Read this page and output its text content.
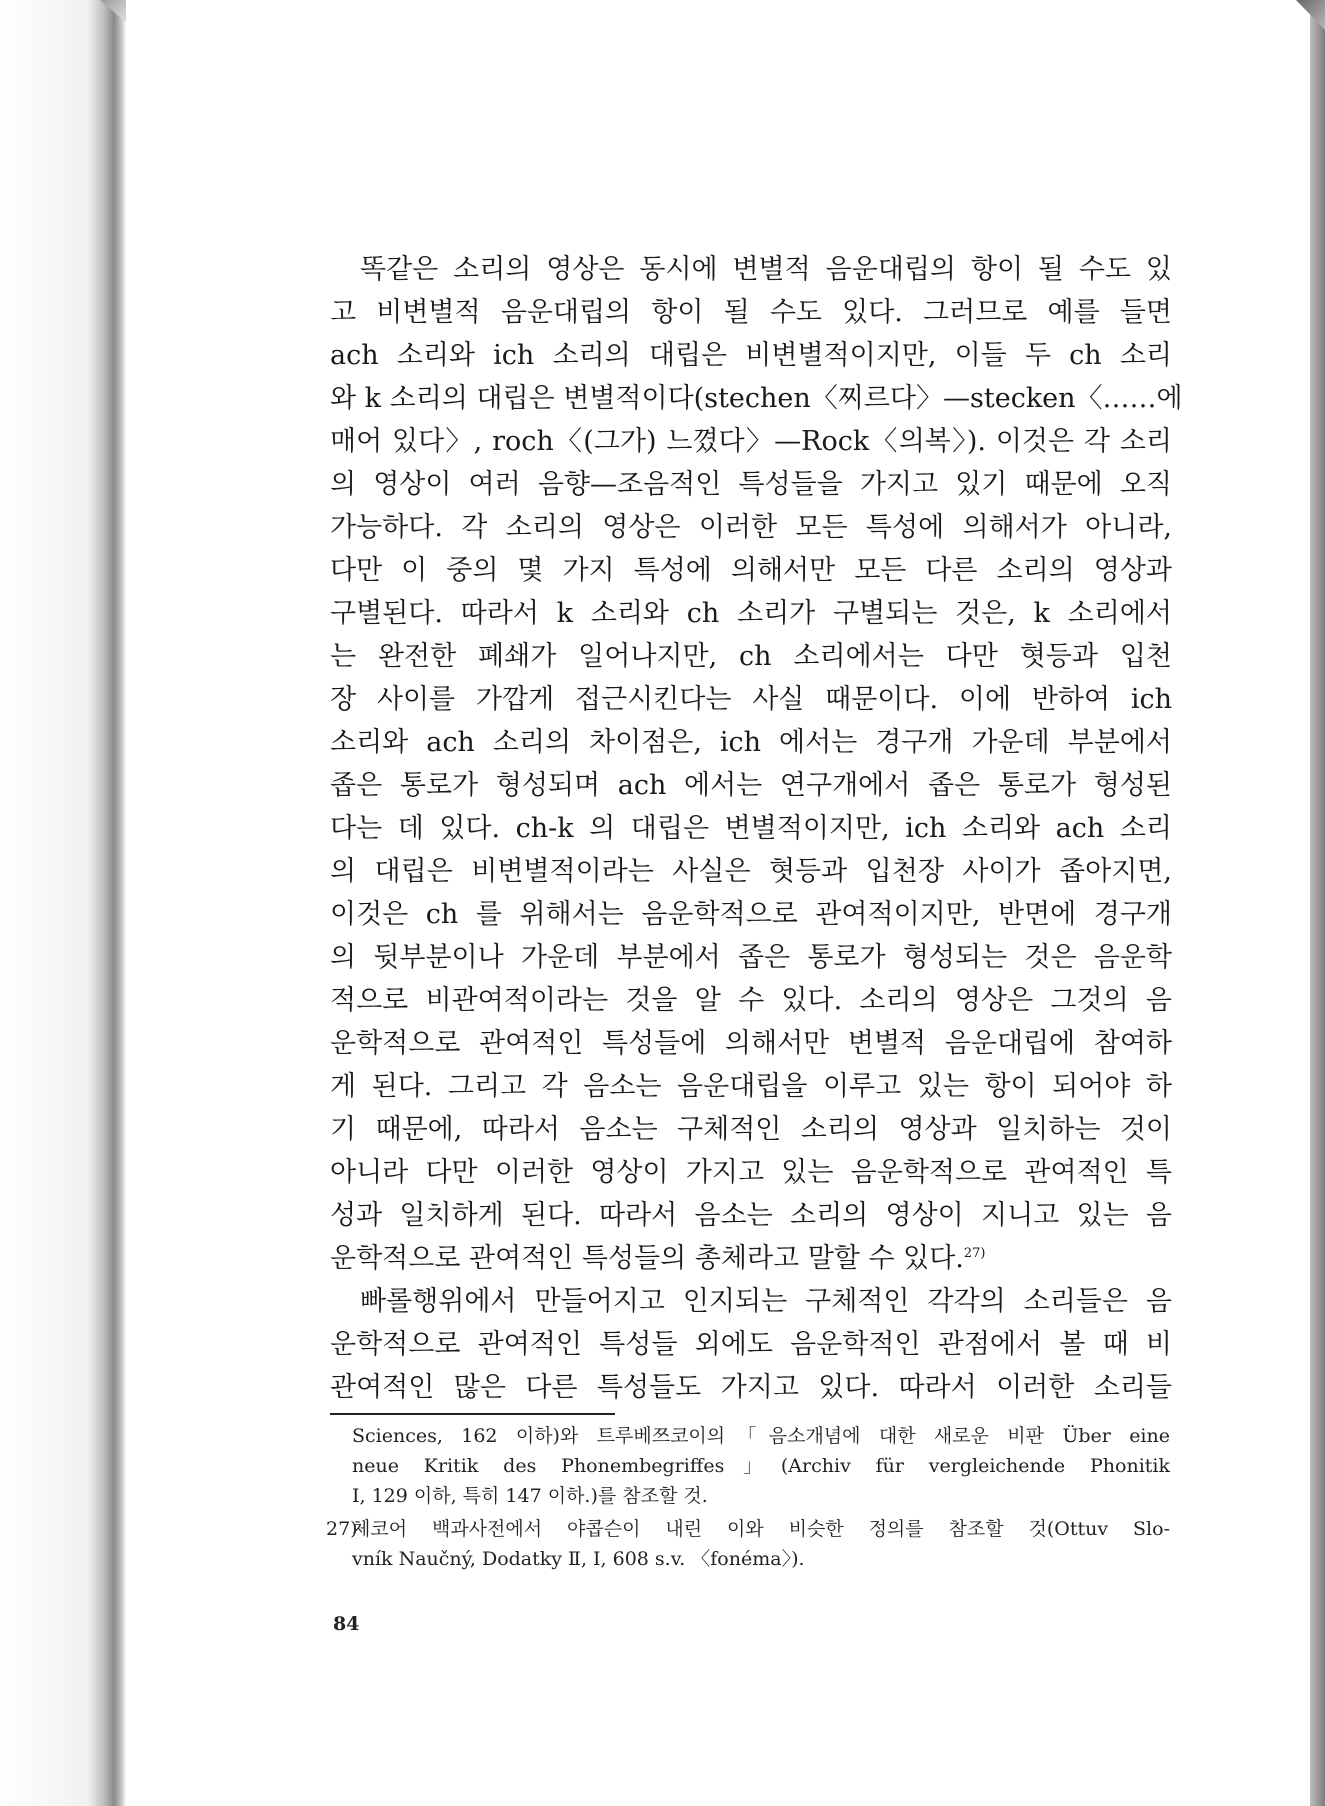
똑같은 소리의 영상은 동시에 변별적 음운대립의 항이 될 수도 있
고 비변별적 음운대립의 항이 될 수도 있다. 그러므로 예를 들면
ach 소리와 ich 소리의 대립은 비변별적이지만, 이들 두 ch 소리
와 k 소리의 대립은 변별적이다(stechen〈찌르다〉—stecken〈……에
매어 있다〉, roch〈(그가) 느꼈다〉—Rock〈의복〉). 이것은 각 소리
의 영상이 여러 음향—조음적인 특성들을 가지고 있기 때문에 오직
가능하다. 각 소리의 영상은 이러한 모든 특성에 의해서가 아니라,
다만 이 중의 몇 가지 특성에 의해서만 모든 다른 소리의 영상과
구별된다. 따라서 k 소리와 ch 소리가 구별되는 것은, k 소리에서
는 완전한 폐쇄가 일어나지만, ch 소리에서는 다만 혓등과 입천
장 사이를 가깝게 접근시킨다는 사실 때문이다. 이에 반하여 ich
소리와 ach 소리의 차이점은, ich 에서는 경구개 가운데 부분에서
좁은 통로가 형성되며 ach 에서는 연구개에서 좁은 통로가 형성된
다는 데 있다. ch-k 의 대립은 변별적이지만, ich 소리와 ach 소리
의 대립은 비변별적이라는 사실은 혓등과 입천장 사이가 좁아지면,
이것은 ch 를 위해서는 음운학적으로 관여적이지만, 반면에 경구개
의 뒷부분이나 가운데 부분에서 좁은 통로가 형성되는 것은 음운학
적으로 비관여적이라는 것을 알 수 있다. 소리의 영상은 그것의 음
운학적으로 관여적인 특성들에 의해서만 변별적 음운대립에 참여하
게 된다. 그리고 각 음소는 음운대립을 이루고 있는 항이 되어야 하
기 때문에, 따라서 음소는 구체적인 소리의 영상과 일치하는 것이
아니라 다만 이러한 영상이 가지고 있는 음운학적으로 관여적인 특
성과 일치하게 된다. 따라서 음소는 소리의 영상이 지니고 있는 음
운학적으로 관여적인 특성들의 총체라고 말할 수 있다.$^{27)}$
빠롤행위에서 만들어지고 인지되는 구체적인 각각의 소리들은 음
운학적으로 관여적인 특성들 외에도 음운학적인 관점에서 볼 때 비
관여적인 많은 다른 특성들도 가지고 있다. 따라서 이러한 소리들
Sciences, 162 이하)와 트루베쯔코이의「음소개념에 대한 새로운 비판 Über eine
neue Kritik des Phonembegriffes」(Archiv für vergleichende Phonitik
Ⅰ, 129 이하, 특히 147 이하.)를 참조할 것.
27)
체코어 백과사전에서 야콥슨이 내린 이와 비슷한 정의를 참조할 것(Ottuv Slo-
vník Naučný, Dodatky Ⅱ, Ⅰ, 608 s.v. 〈fonéma〉).
84
